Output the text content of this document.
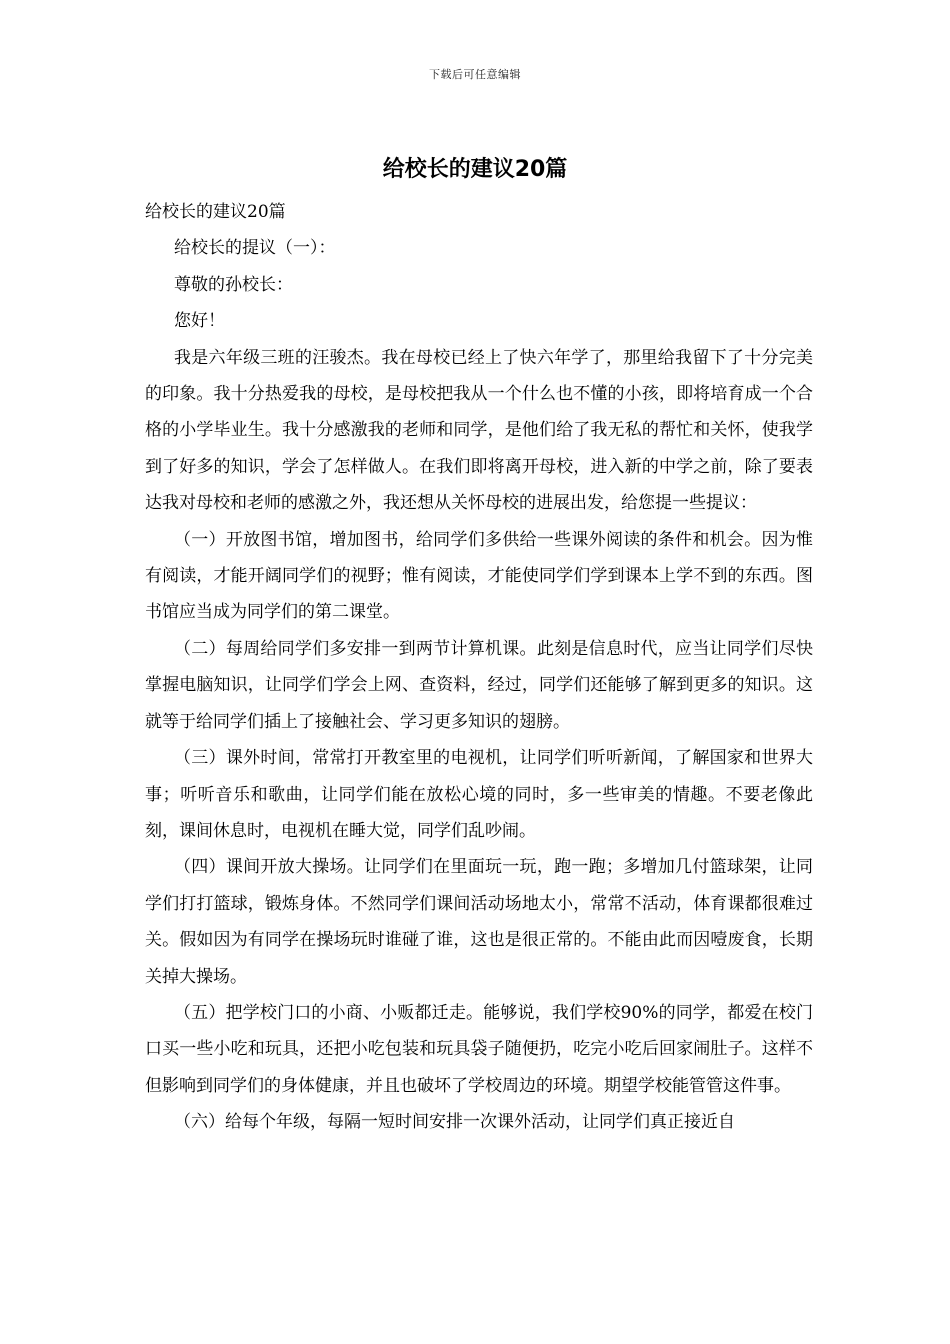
下载后可任意编辑
给校长的建议20篇

给校长的建议20篇

给校长的提议（一）：

尊敬的孙校长：

您好！

我是六年级三班的汪骏杰。我在母校已经上了快六年学了，那里给我留下了十分完美的印象。我十分热爱我的母校，是母校把我从一个什么也不懂的小孩，即将培育成一个合格的小学毕业生。我十分感激我的老师和同学，是他们给了我无私的帮忙和关怀，使我学到了好多的知识，学会了怎样做人。在我们即将离开母校，进入新的中学之前，除了要表达我对母校和老师的感激之外，我还想从关怀母校的进展出发，给您提一些提议：

（一）开放图书馆，增加图书，给同学们多供给一些课外阅读的条件和机会。因为惟有阅读，才能开阔同学们的视野；惟有阅读，才能使同学们学到课本上学不到的东西。图书馆应当成为同学们的第二课堂。

（二）每周给同学们多安排一到两节计算机课。此刻是信息时代，应当让同学们尽快掌握电脑知识，让同学们学会上网、查资料，经过，同学们还能够了解到更多的知识。这就等于给同学们插上了接触社会、学习更多知识的翅膀。

（三）课外时间，常常打开教室里的电视机，让同学们听听新闻，了解国家和世界大事；听听音乐和歌曲，让同学们能在放松心境的同时，多一些审美的情趣。不要老像此刻，课间休息时，电视机在睡大觉，同学们乱吵闹。

（四）课间开放大操场。让同学们在里面玩一玩，跑一跑；多增加几付篮球架，让同学们打打篮球，锻炼身体。不然同学们课间活动场地太小，常常不活动，体育课都很难过关。假如因为有同学在操场玩时谁碰了谁，这也是很正常的。不能由此而因噎废食，长期关掉大操场。

（五）把学校门口的小商、小贩都迁走。能够说，我们学校90%的同学，都爱在校门口买一些小吃和玩具，还把小吃包装和玩具袋子随便扔，吃完小吃后回家闹肚子。这样不但影响到同学们的身体健康，并且也破坏了学校周边的环境。期望学校能管管这件事。

（六）给每个年级，每隔一短时间安排一次课外活动，让同学们真正接近自
